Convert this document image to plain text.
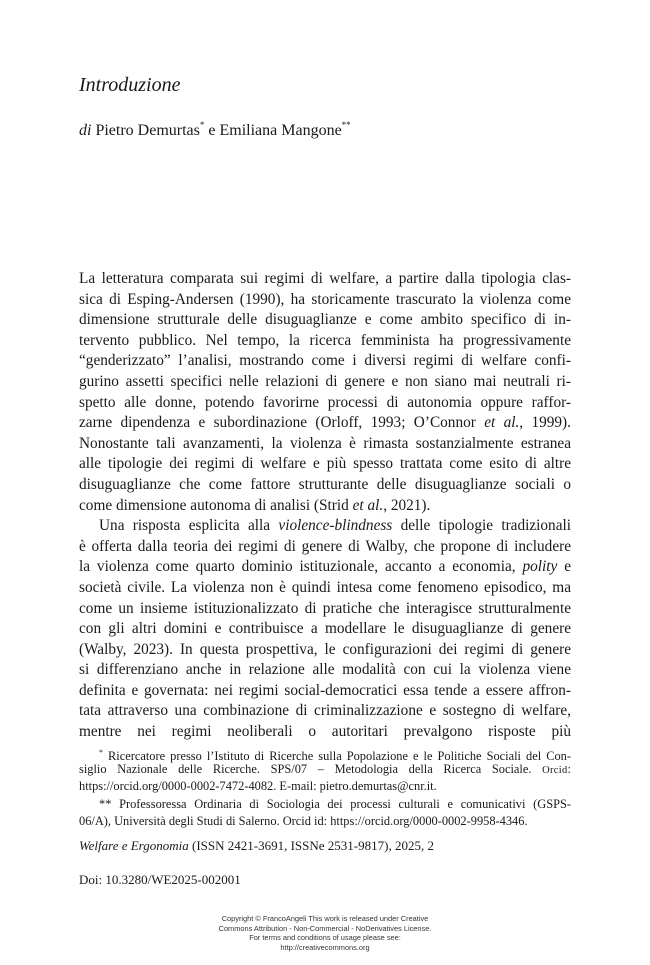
Introduzione
di Pietro Demurtas* e Emiliana Mangone**
La letteratura comparata sui regimi di welfare, a partire dalla tipologia clas-
sica di Esping-Andersen (1990), ha storicamente trascurato la violenza come
dimensione strutturale delle disuguaglianze e come ambito specifico di in-
tervento pubblico. Nel tempo, la ricerca femminista ha progressivamente
“genderizzato” l’analisi, mostrando come i diversi regimi di welfare confi-
gurino assetti specifici nelle relazioni di genere e non siano mai neutrali ri-
spetto alle donne, potendo favorirne processi di autonomia oppure raffor-
zarne dipendenza e subordinazione (Orloff, 1993; O’Connor et al., 1999).
Nonostante tali avanzamenti, la violenza è rimasta sostanzialmente estranea
alle tipologie dei regimi di welfare e più spesso trattata come esito di altre
disuguaglianze che come fattore strutturante delle disuguaglianze sociali o
come dimensione autonoma di analisi (Strid et al., 2021).
Una risposta esplicita alla violence-blindness delle tipologie tradizionali
è offerta dalla teoria dei regimi di genere di Walby, che propone di includere
la violenza come quarto dominio istituzionale, accanto a economia, polity e
società civile. La violenza non è quindi intesa come fenomeno episodico, ma
come un insieme istituzionalizzato di pratiche che interagisce strutturalmente
con gli altri domini e contribuisce a modellare le disuguaglianze di genere
(Walby, 2023). In questa prospettiva, le configurazioni dei regimi di genere
si differenziano anche in relazione alle modalità con cui la violenza viene
definita e governata: nei regimi social-democratici essa tende a essere affron-
tata attraverso una combinazione di criminalizzazione e sostegno di welfare,
mentre nei regimi neoliberali o autoritari prevalgono risposte più
* Ricercatore presso l’Istituto di Ricerche sulla Popolazione e le Politiche Sociali del Con-
siglio Nazionale delle Ricerche. SPS/07 – Metodologia della Ricerca Sociale. Orcid:
https://orcid.org/0000-0002-7472-4082. E-mail: pietro.demurtas@cnr.it.
** Professoressa Ordinaria di Sociologia dei processi culturali e comunicativi (GSPS-
06/A), Università degli Studi di Salerno. Orcid id: https://orcid.org/0000-0002-9958-4346.
Welfare e Ergonomia (ISSN 2421-3691, ISSNe 2531-9817), 2025, 2
Doi: 10.3280/WE2025-002001
Copyright © FrancoAngeli This work is released under Creative
Commons Attribution - Non-Commercial - NoDerivatives License.
For terms and conditions of usage please see:
http://creativecommons.org
